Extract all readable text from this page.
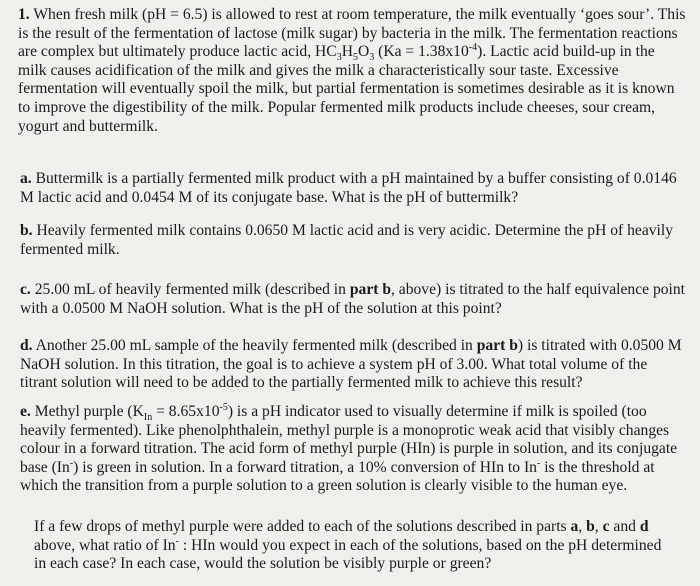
1. When fresh milk (pH = 6.5) is allowed to rest at room temperature, the milk eventually ‘goes sour’. This is the result of the fermentation of lactose (milk sugar) by bacteria in the milk. The fermentation reactions are complex but ultimately produce lactic acid, $HC_3H_5O_3$ $(Ka = 1.38x10^{-4})$. Lactic acid build-up in the milk causes acidification of the milk and gives the milk a characteristically sour taste. Excessive fermentation will eventually spoil the milk, but partial fermentation is sometimes desirable as it is known to improve the digestibility of the milk. Popular fermented milk products include cheeses, sour cream, yogurt and buttermilk.

a. Buttermilk is a partially fermented milk product with a pH maintained by a buffer consisting of 0.0146 M lactic acid and 0.0454 M of its conjugate base. What is the pH of buttermilk?

b. Heavily fermented milk contains 0.0650 M lactic acid and is very acidic. Determine the pH of heavily fermented milk.

c. 25.00 mL of heavily fermented milk (described in part b, above) is titrated to the half equivalence point with a 0.0500 M NaOH solution. What is the pH of the solution at this point?

d. Another 25.00 mL sample of the heavily fermented milk (described in part b) is titrated with 0.0500 M NaOH solution. In this titration, the goal is to achieve a system pH of 3.00. What total volume of the titrant solution will need to be added to the partially fermented milk to achieve this result?

e. Methyl purple $(K_{In} = 8.65x10^{-5})$ is a pH indicator used to visually determine if milk is spoiled (too heavily fermented). Like phenolphthalein, methyl purple is a monoprotic weak acid that visibly changes colour in a forward titration. The acid form of methyl purple (HIn) is purple in solution, and its conjugate base (In-) is green in solution. In a forward titration, a 10% conversion of HIn to In- is the threshold at which the transition from a purple solution to a green solution is clearly visible to the human eye.

If a few drops of methyl purple were added to each of the solutions described in parts a, b, c and d above, what ratio of In- : HIn would you expect in each of the solutions, based on the pH determined in each case? In each case, would the solution be visibly purple or green?
